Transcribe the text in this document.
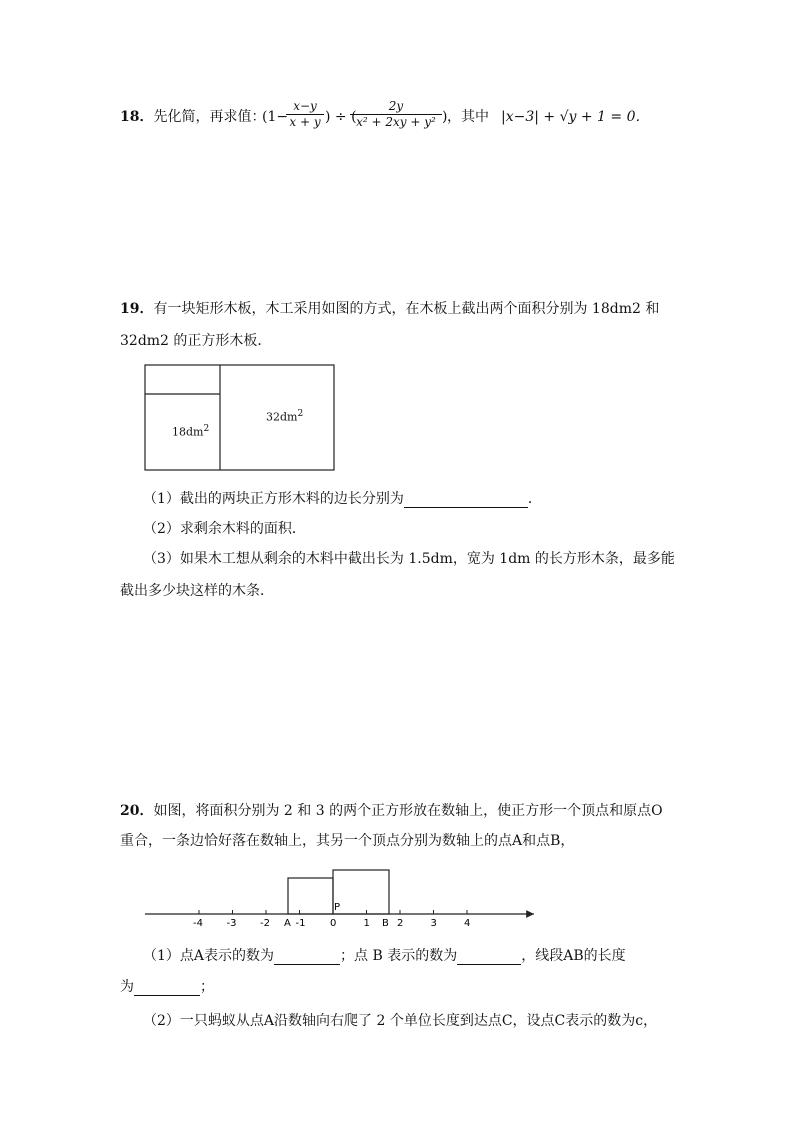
18．先化简，再求值：
(1−
$\frac{x-y}{x + y}$ ) ÷ (
$\frac{2y}{\text{x² + 2xy + y²}}$ ) ，其中 |x−3| + √y + 1 = 0．
19．有一块矩形木板，木工采用如图的方式，在木板上截出两个面积分别为 18dm2 和
32dm2 的正方形木板．
$18dm^2$
$32dm^2$
（1）截出的两块正方形木料的边长分别为	．
（2）求剩余木料的面积．
（3）如果木工想从剩余的木料中截出长为 1.5dm，宽为 1dm 的长方形木条，最多能
截出多少块这样的木条．
20．如图，将面积分别为 2 和 3 的两个正方形放在数轴上，使正方形一个顶点和原点O
重合，一条边恰好落在数轴上，其另一个顶点分别为数轴上的点A和点B，
-4 -3 -2	-1 0	1	2	3	4
P
A	B
（1）点A表示的数为	；点 B 表示的数为	，线段AB的长度
为	；
（2）一只蚂蚁从点A沿数轴向右爬了 2 个单位长度到达点C，设点C表示的数为c，
